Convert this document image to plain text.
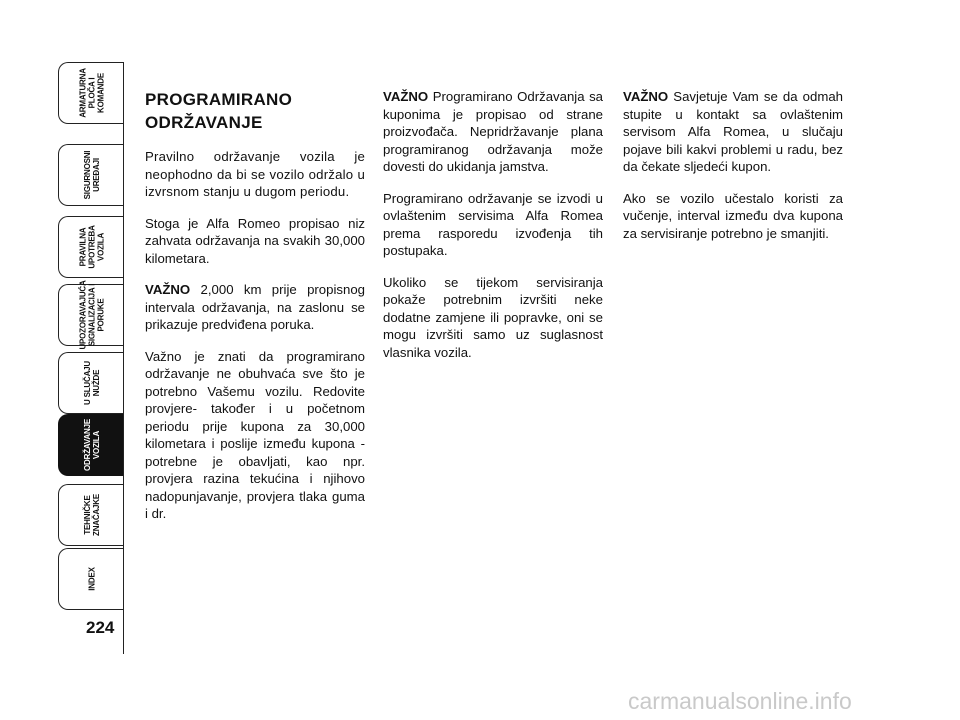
ARMATURNA
PLOČA I
KOMANDE
SIGURNOSNI
UREĐAJI
PRAVILNA
UPOTREBA
VOZILA
UPOZORAVAJUĆA
SIGNALIZACIJA I
PORUKE
U SLUČAJU
NUŽDE
ODRŽAVANJE
VOZILA
TEHNIČKE
ZNAČAJKE
INDEX
224
PROGRAMIRANO ODRŽAVANJE

Pravilno održavanje vozila je neophodno da bi se vozilo održalo u izvrsnom stanju u dugom periodu.

Stoga je Alfa Romeo propisao niz zahvata održavanja na svakih 30,000 kilometara.

VAŽNO 2,000 km prije propisnog intervala održavanja, na zaslonu se prikazuje predviđena poruka.

Važno je znati da programirano održavanje ne obuhvaća sve što je potrebno Vašemu vozilu. Redovite provjere- također i u početnom periodu prije kupona za 30,000 kilometara i poslije između kupona - potrebne je obavljati, kao npr. provjera razina tekućina i njihovo nadopunjavanje, provjera tlaka guma i dr.

VAŽNO Programirano Održavanja sa kuponima je propisao od strane proizvođača. Nepridržavanje plana programiranog održavanja može dovesti do ukidanja jamstva.

Programirano održavanje se izvodi u ovlaštenim servisima Alfa Romea prema rasporedu izvođenja tih postupaka.

Ukoliko se tijekom servisiranja pokaže potrebnim izvršiti neke dodatne zamjene ili popravke, oni se mogu izvršiti samo uz suglasnost vlasnika vozila.

VAŽNO Savjetuje Vam se da odmah stupite u kontakt sa ovlaštenim servisom Alfa Romea, u slučaju pojave bili kakvi problemi u radu, bez da čekate sljedeći kupon.

Ako se vozilo učestalo koristi za vučenje, interval između dva kupona za servisiranje potrebno je smanjiti.

carmanualsonline.info
